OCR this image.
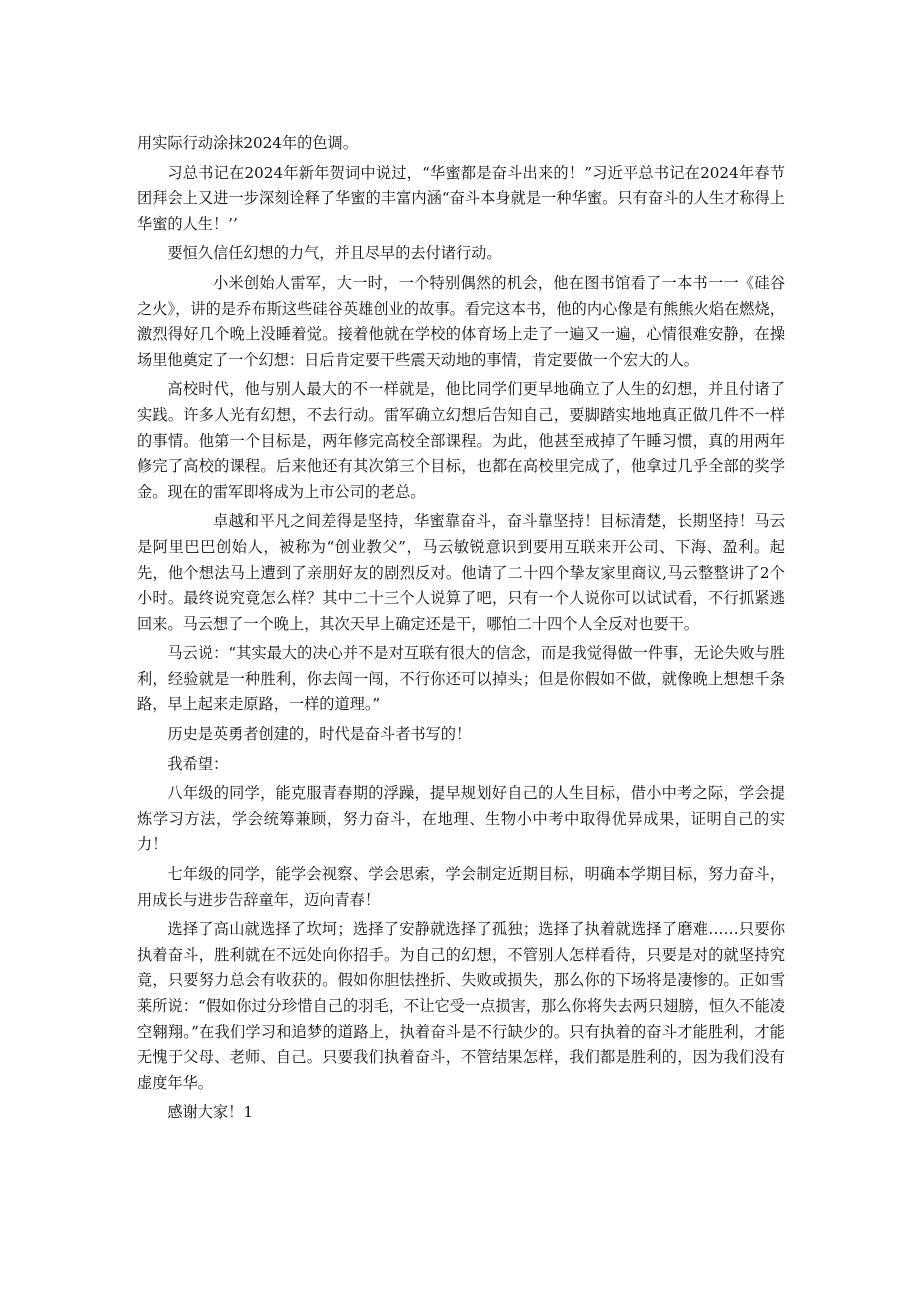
用实际行动涂抹2024年的色调。

习总书记在2024年新年贺词中说过，“华蜜都是奋斗出来的！”习近平总书记在2024年春节团拜会上又进一步深刻诠释了华蜜的丰富内涵“奋斗本身就是一种华蜜。只有奋斗的人生才称得上华蜜的人生！’’

要恒久信任幻想的力气，并且尽早的去付诸行动。

小米创始人雷军，大一时，一个特别偶然的机会，他在图书馆看了一本书一一《硅谷之火》，讲的是乔布斯这些硅谷英雄创业的故事。看完这本书，他的内心像是有熊熊火焰在燃烧，激烈得好几个晚上没睡着觉。接着他就在学校的体育场上走了一遍又一遍，心情很难安静，在操场里他奠定了一个幻想：日后肯定要干些震天动地的事情，肯定要做一个宏大的人。

高校时代，他与别人最大的不一样就是，他比同学们更早地确立了人生的幻想，并且付诸了实践。许多人光有幻想，不去行动。雷军确立幻想后告知自己，要脚踏实地地真正做几件不一样的事情。他第一个目标是，两年修完高校全部课程。为此，他甚至戒掉了午睡习惯，真的用两年修完了高校的课程。后来他还有其次第三个目标，也都在高校里完成了，他拿过几乎全部的奖学金。现在的雷军即将成为上市公司的老总。

卓越和平凡之间差得是坚持，华蜜靠奋斗，奋斗靠坚持！目标清楚，长期坚持！马云是阿里巴巴创始人，被称为“创业教父”，马云敏锐意识到要用互联来开公司、下海、盈利。起先，他个想法马上遭到了亲朋好友的剧烈反对。他请了二十四个挚友家里商议,马云整整讲了2个小时。最终说究竟怎么样？其中二十三个人说算了吧，只有一个人说你可以试试看，不行抓紧逃回来。马云想了一个晚上，其次天早上确定还是干，哪怕二十四个人全反对也要干。

马云说：“其实最大的决心并不是对互联有很大的信念，而是我觉得做一件事，无论失败与胜利，经验就是一种胜利，你去闯一闯，不行你还可以掉头；但是你假如不做，就像晚上想想千条路，早上起来走原路，一样的道理。”

历史是英勇者创建的，时代是奋斗者书写的！

我希望：

八年级的同学，能克服青春期的浮躁，提早规划好自己的人生目标，借小中考之际，学会提炼学习方法，学会统筹兼顾，努力奋斗，在地理、生物小中考中取得优异成果，证明自己的实力！

七年级的同学，能学会视察、学会思索，学会制定近期目标，明确本学期目标，努力奋斗，用成长与进步告辞童年，迈向青春！

选择了高山就选择了坎坷；选择了安静就选择了孤独；选择了执着就选择了磨难……只要你执着奋斗，胜利就在不远处向你招手。为自己的幻想，不管别人怎样看待，只要是对的就坚持究竟，只要努力总会有收获的。假如你胆怯挫折、失败或损失，那么你的下场将是凄惨的。正如雪莱所说：“假如你过分珍惜自己的羽毛，不让它受一点损害，那么你将失去两只翅膀，恒久不能凌空翱翔。”在我们学习和追梦的道路上，执着奋斗是不行缺少的。只有执着的奋斗才能胜利，才能无愧于父母、老师、自己。只要我们执着奋斗，不管结果怎样，我们都是胜利的，因为我们没有虚度年华。

感谢大家！1
